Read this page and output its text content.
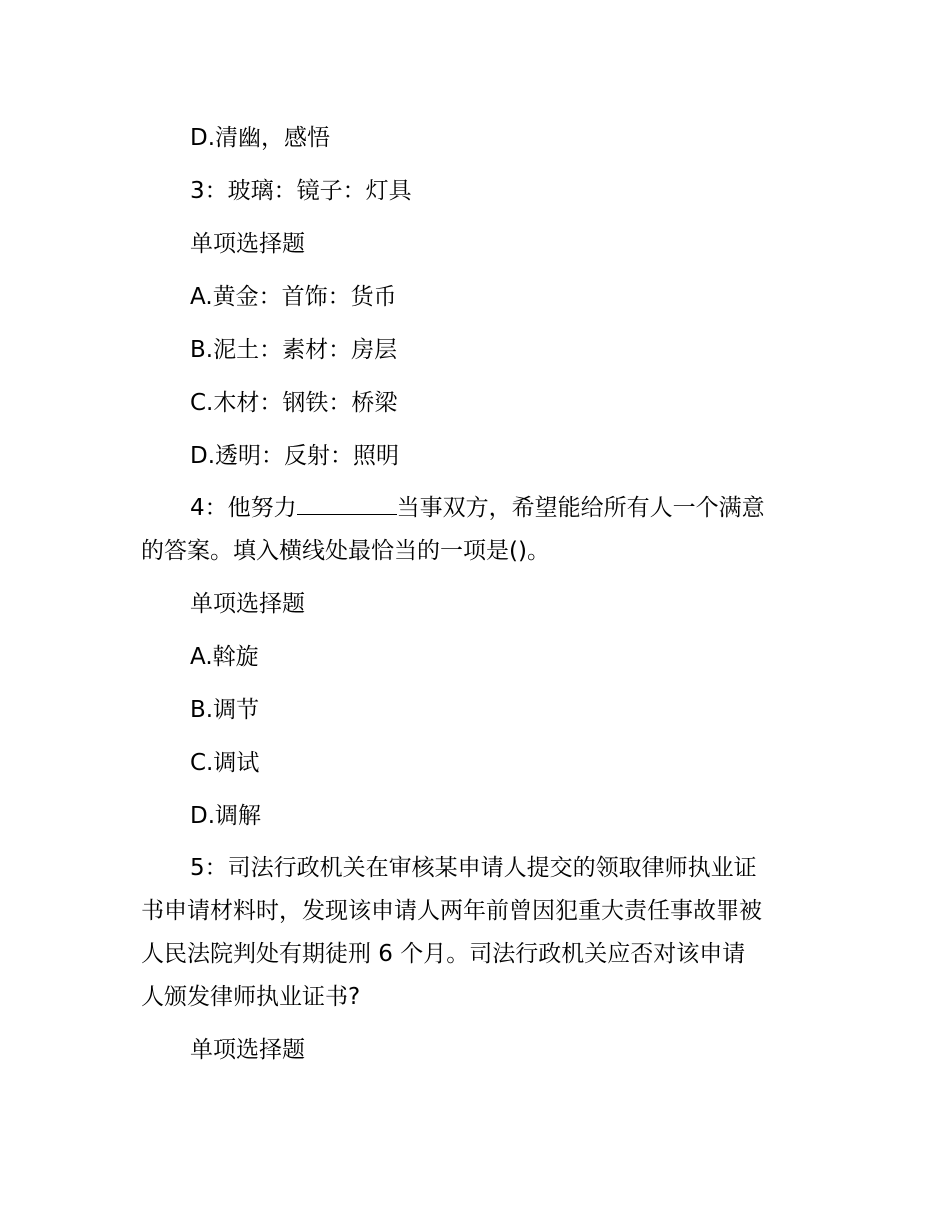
D.清幽，感悟

3：玻璃：镜子：灯具

单项选择题

A.黄金：首饰：货币

B.泥土：素材：房层

C.木材：钢铁：桥梁

D.透明：反射：照明

4：他努力	当事双方，希望能给所有人一个满意

的答案。填入横线处最恰当的一项是()。

单项选择题

A.斡旋

B.调节

C.调试

D.调解

5：司法行政机关在审核某申请人提交的领取律师执业证

书申请材料时，发现该申请人两年前曾因犯重大责任事故罪被

人民法院判处有期徒刑 6 个月。司法行政机关应否对该申请

人颁发律师执业证书?

单项选择题
